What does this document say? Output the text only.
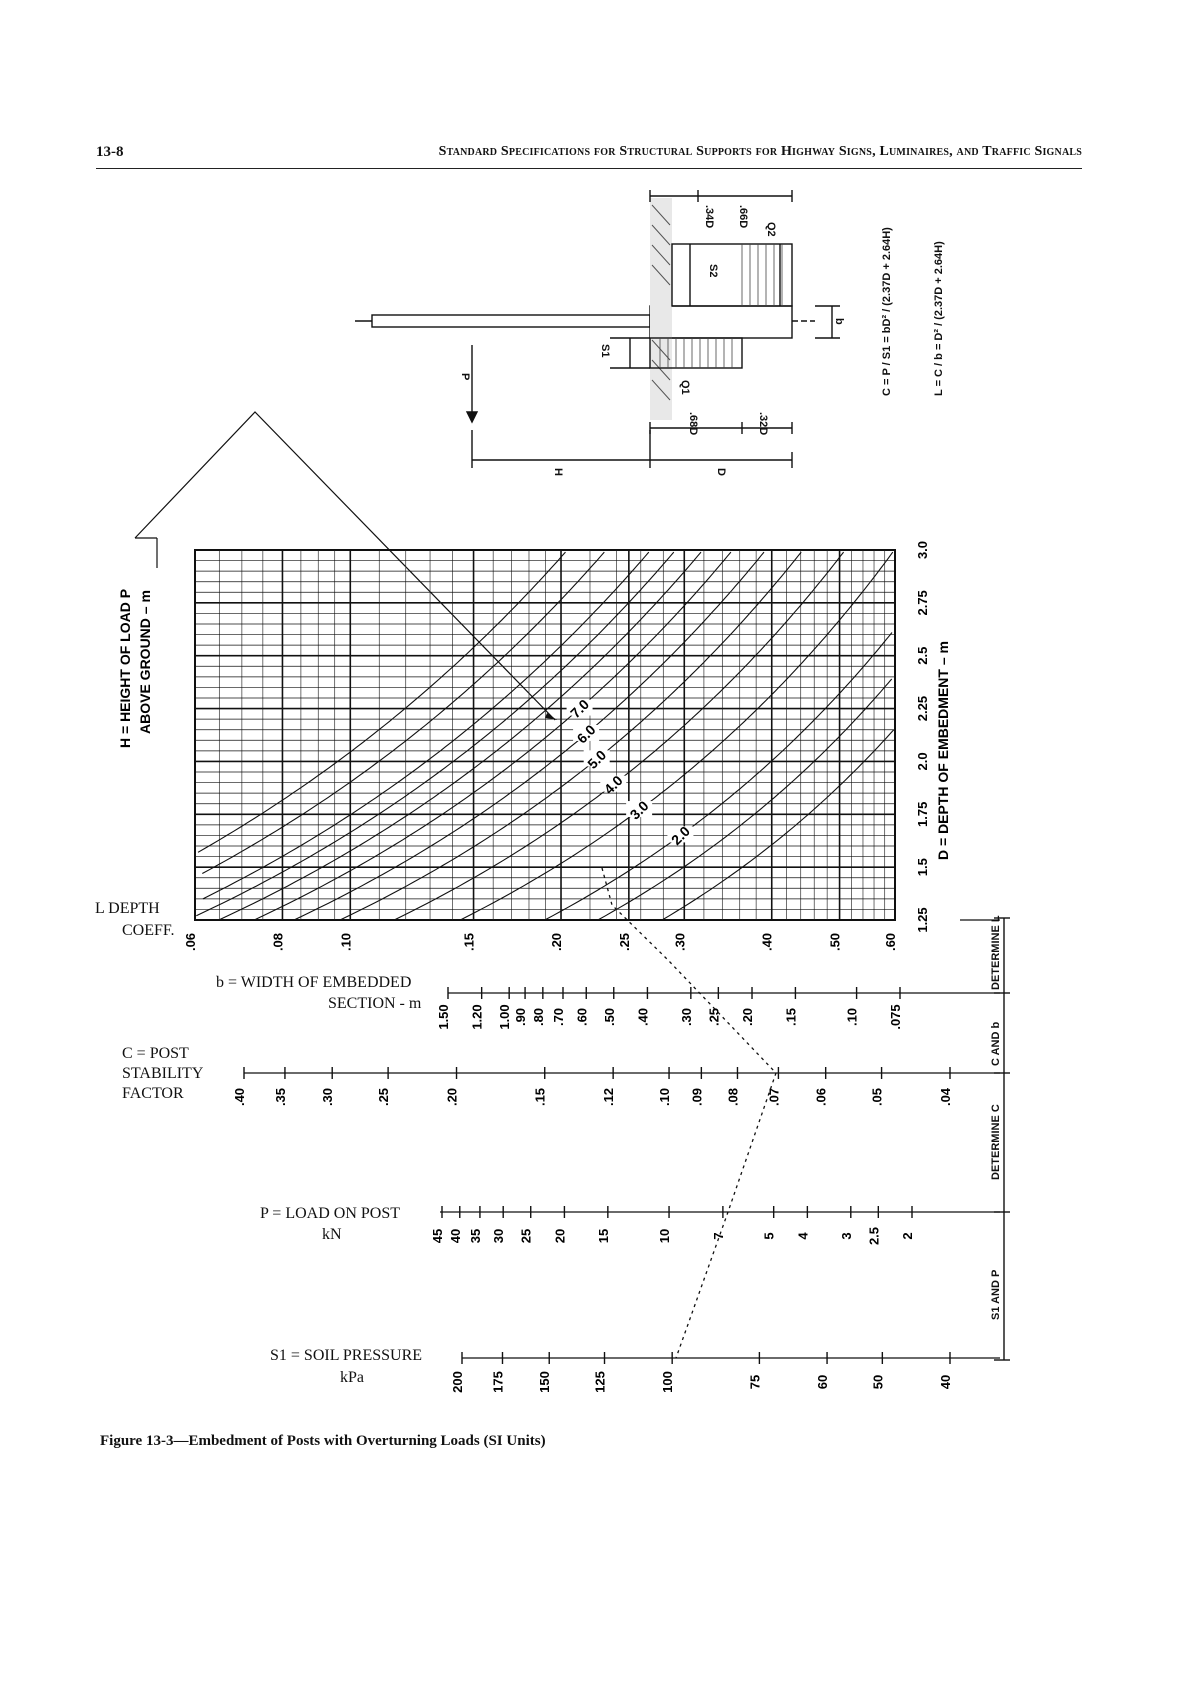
13-8	Standard Specifications for Structural Supports for Highway Signs, Luminaires, and Traffic Signals
.34D .66D
.68D	.32D
P
H	D
b
S1
S2
Q1
Q2	C = P / S1 = bD² / (2.37D + 2.64H)	L = C / b = D² / (2.37D + 2.64H)
H = HEIGHT OF LOAD P ABOVE GROUND – m	7.0
6.0
5.0
4.0
3.0
2.0	D = DEPTH OF EMBEDMENT – m
1.25
1.5
1.75
2.0
2.25
2.5
2.75
3.0
.06	.08	.10	.15	.20	.25	.30	.40	.50	.60
1.50 1.20 1.00 .90 .80 .70 .60 .50 .40 .30 .25 .20 .15	.10 .075
.40 .35 .30	.25	.20	.15	.12	.10 .09 .08 .07 .06	.05	.04
45 40 35 30 25 20 15	10	7	5 4 3 2.5 2
200 175 150	125	100	75	60	50	40
L DEPTH
COEFF.
b = WIDTH OF EMBEDDED
SECTION - m
C = POST
STABILITY
FACTOR
P = LOAD ON POST
kN
S1 = SOIL PRESSURE
kPa
DETERMINE L
C AND b
DETERMINE C
S1 AND P
Figure 13-3—Embedment of Posts with Overturning Loads (SI Units)
